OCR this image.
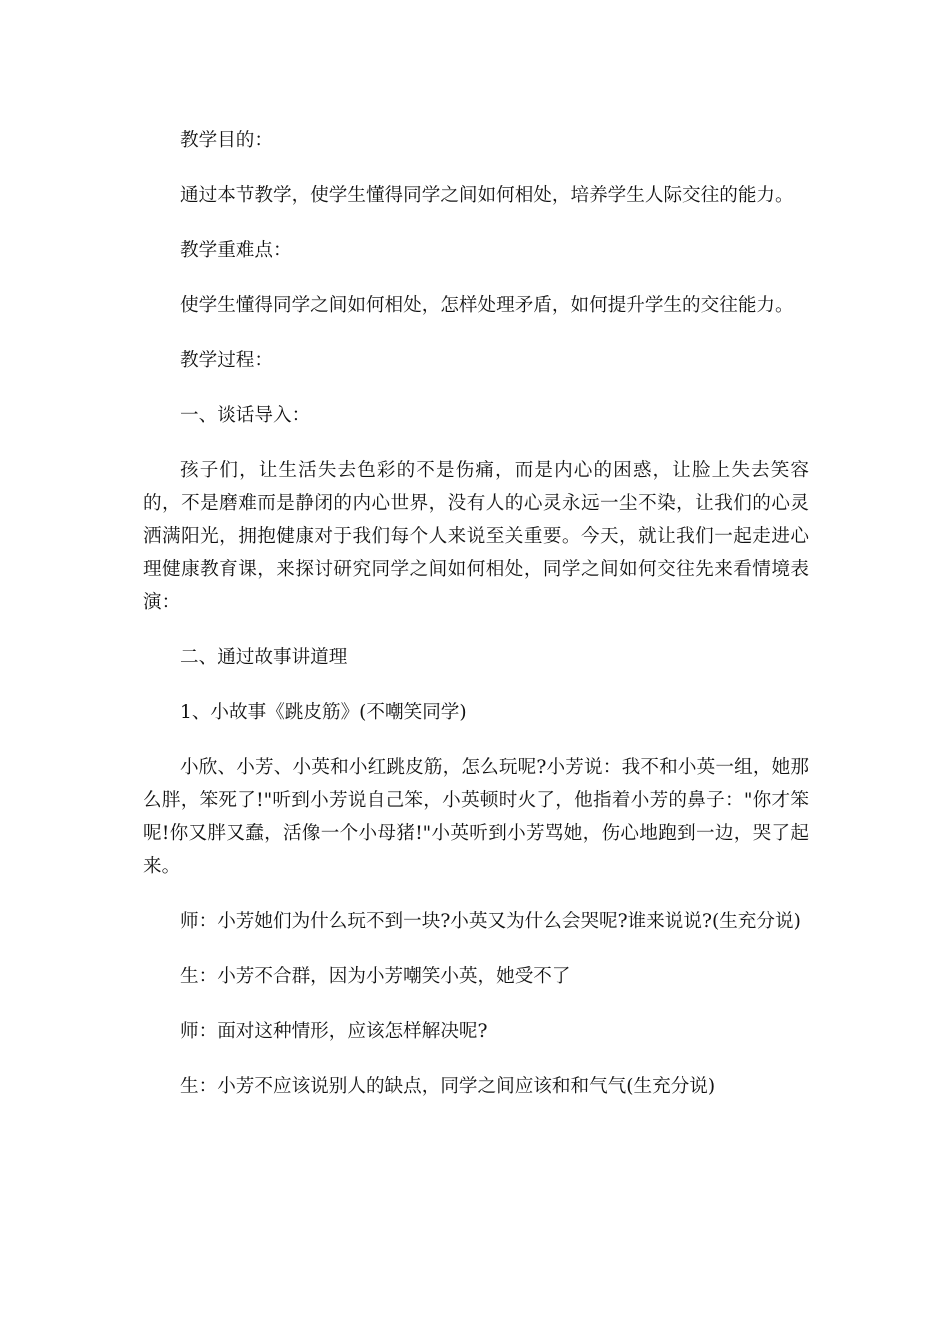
教学目的：

通过本节教学，使学生懂得同学之间如何相处，培养学生人际交往的能力。

教学重难点：

使学生懂得同学之间如何相处，怎样处理矛盾，如何提升学生的交往能力。

教学过程：

一、谈话导入：

孩子们，让生活失去色彩的不是伤痛，而是内心的困惑，让脸上失去笑容的，不是磨难而是静闭的内心世界，没有人的心灵永远一尘不染，让我们的心灵洒满阳光，拥抱健康对于我们每个人来说至关重要。今天，就让我们一起走进心理健康教育课，来探讨研究同学之间如何相处，同学之间如何交往先来看情境表演：

二、通过故事讲道理

1、小故事《跳皮筋》(不嘲笑同学)

小欣、小芳、小英和小红跳皮筋，怎么玩呢?小芳说：我不和小英一组，她那么胖，笨死了!"听到小芳说自己笨，小英顿时火了，他指着小芳的鼻子："你才笨呢!你又胖又蠢，活像一个小母猪!"小英听到小芳骂她，伤心地跑到一边，哭了起来。

师：小芳她们为什么玩不到一块?小英又为什么会哭呢?谁来说说?(生充分说)

生：小芳不合群，因为小芳嘲笑小英，她受不了

师：面对这种情形，应该怎样解决呢?

生：小芳不应该说别人的缺点，同学之间应该和和气气(生充分说)
